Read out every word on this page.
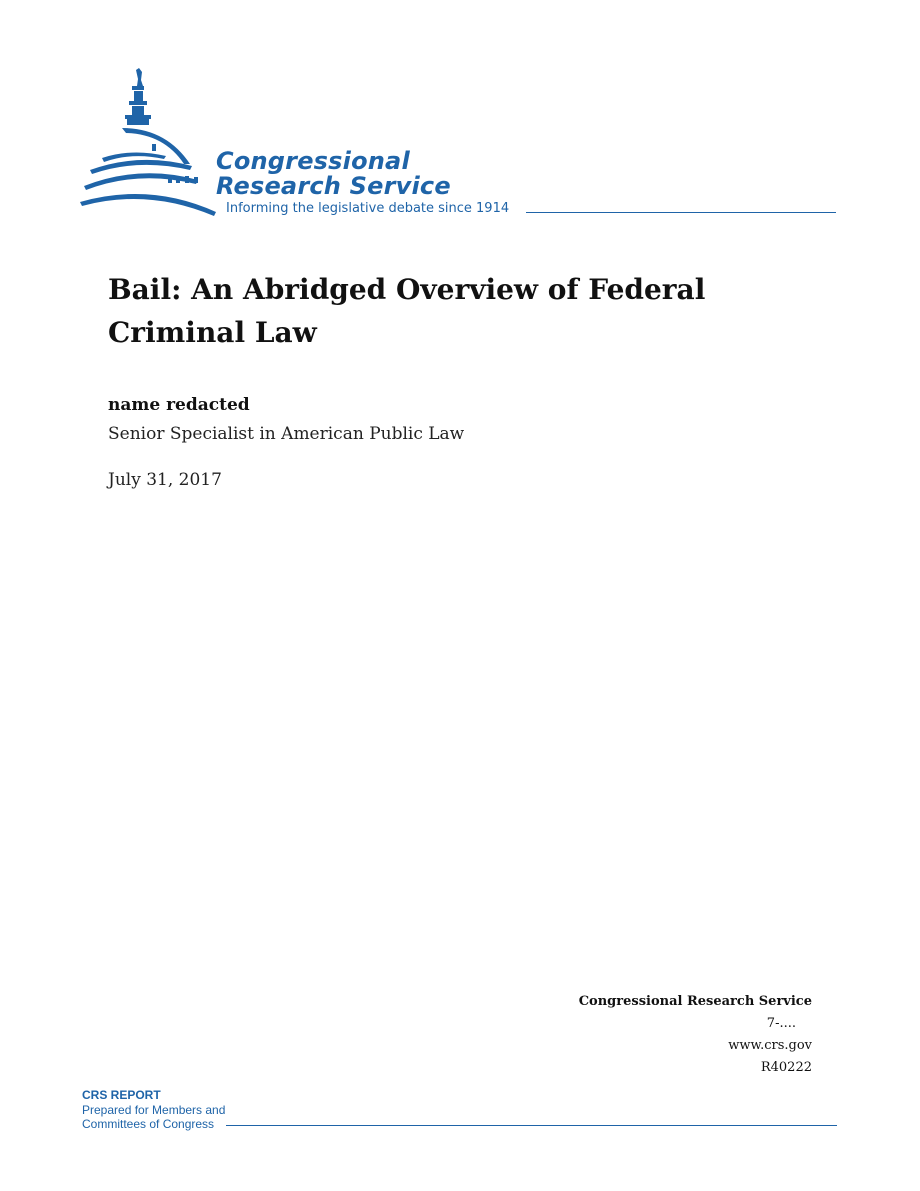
Congressional

Research Service

Informing the legislative debate since 1914

Bail: An Abridged Overview of Federal Criminal Law

name redacted

Senior Specialist in American Public Law

July 31, 2017

Congressional Research Service

7-....

www.crs.gov

R40222

CRS REPORT

Prepared for Members and

Committees of Congress
